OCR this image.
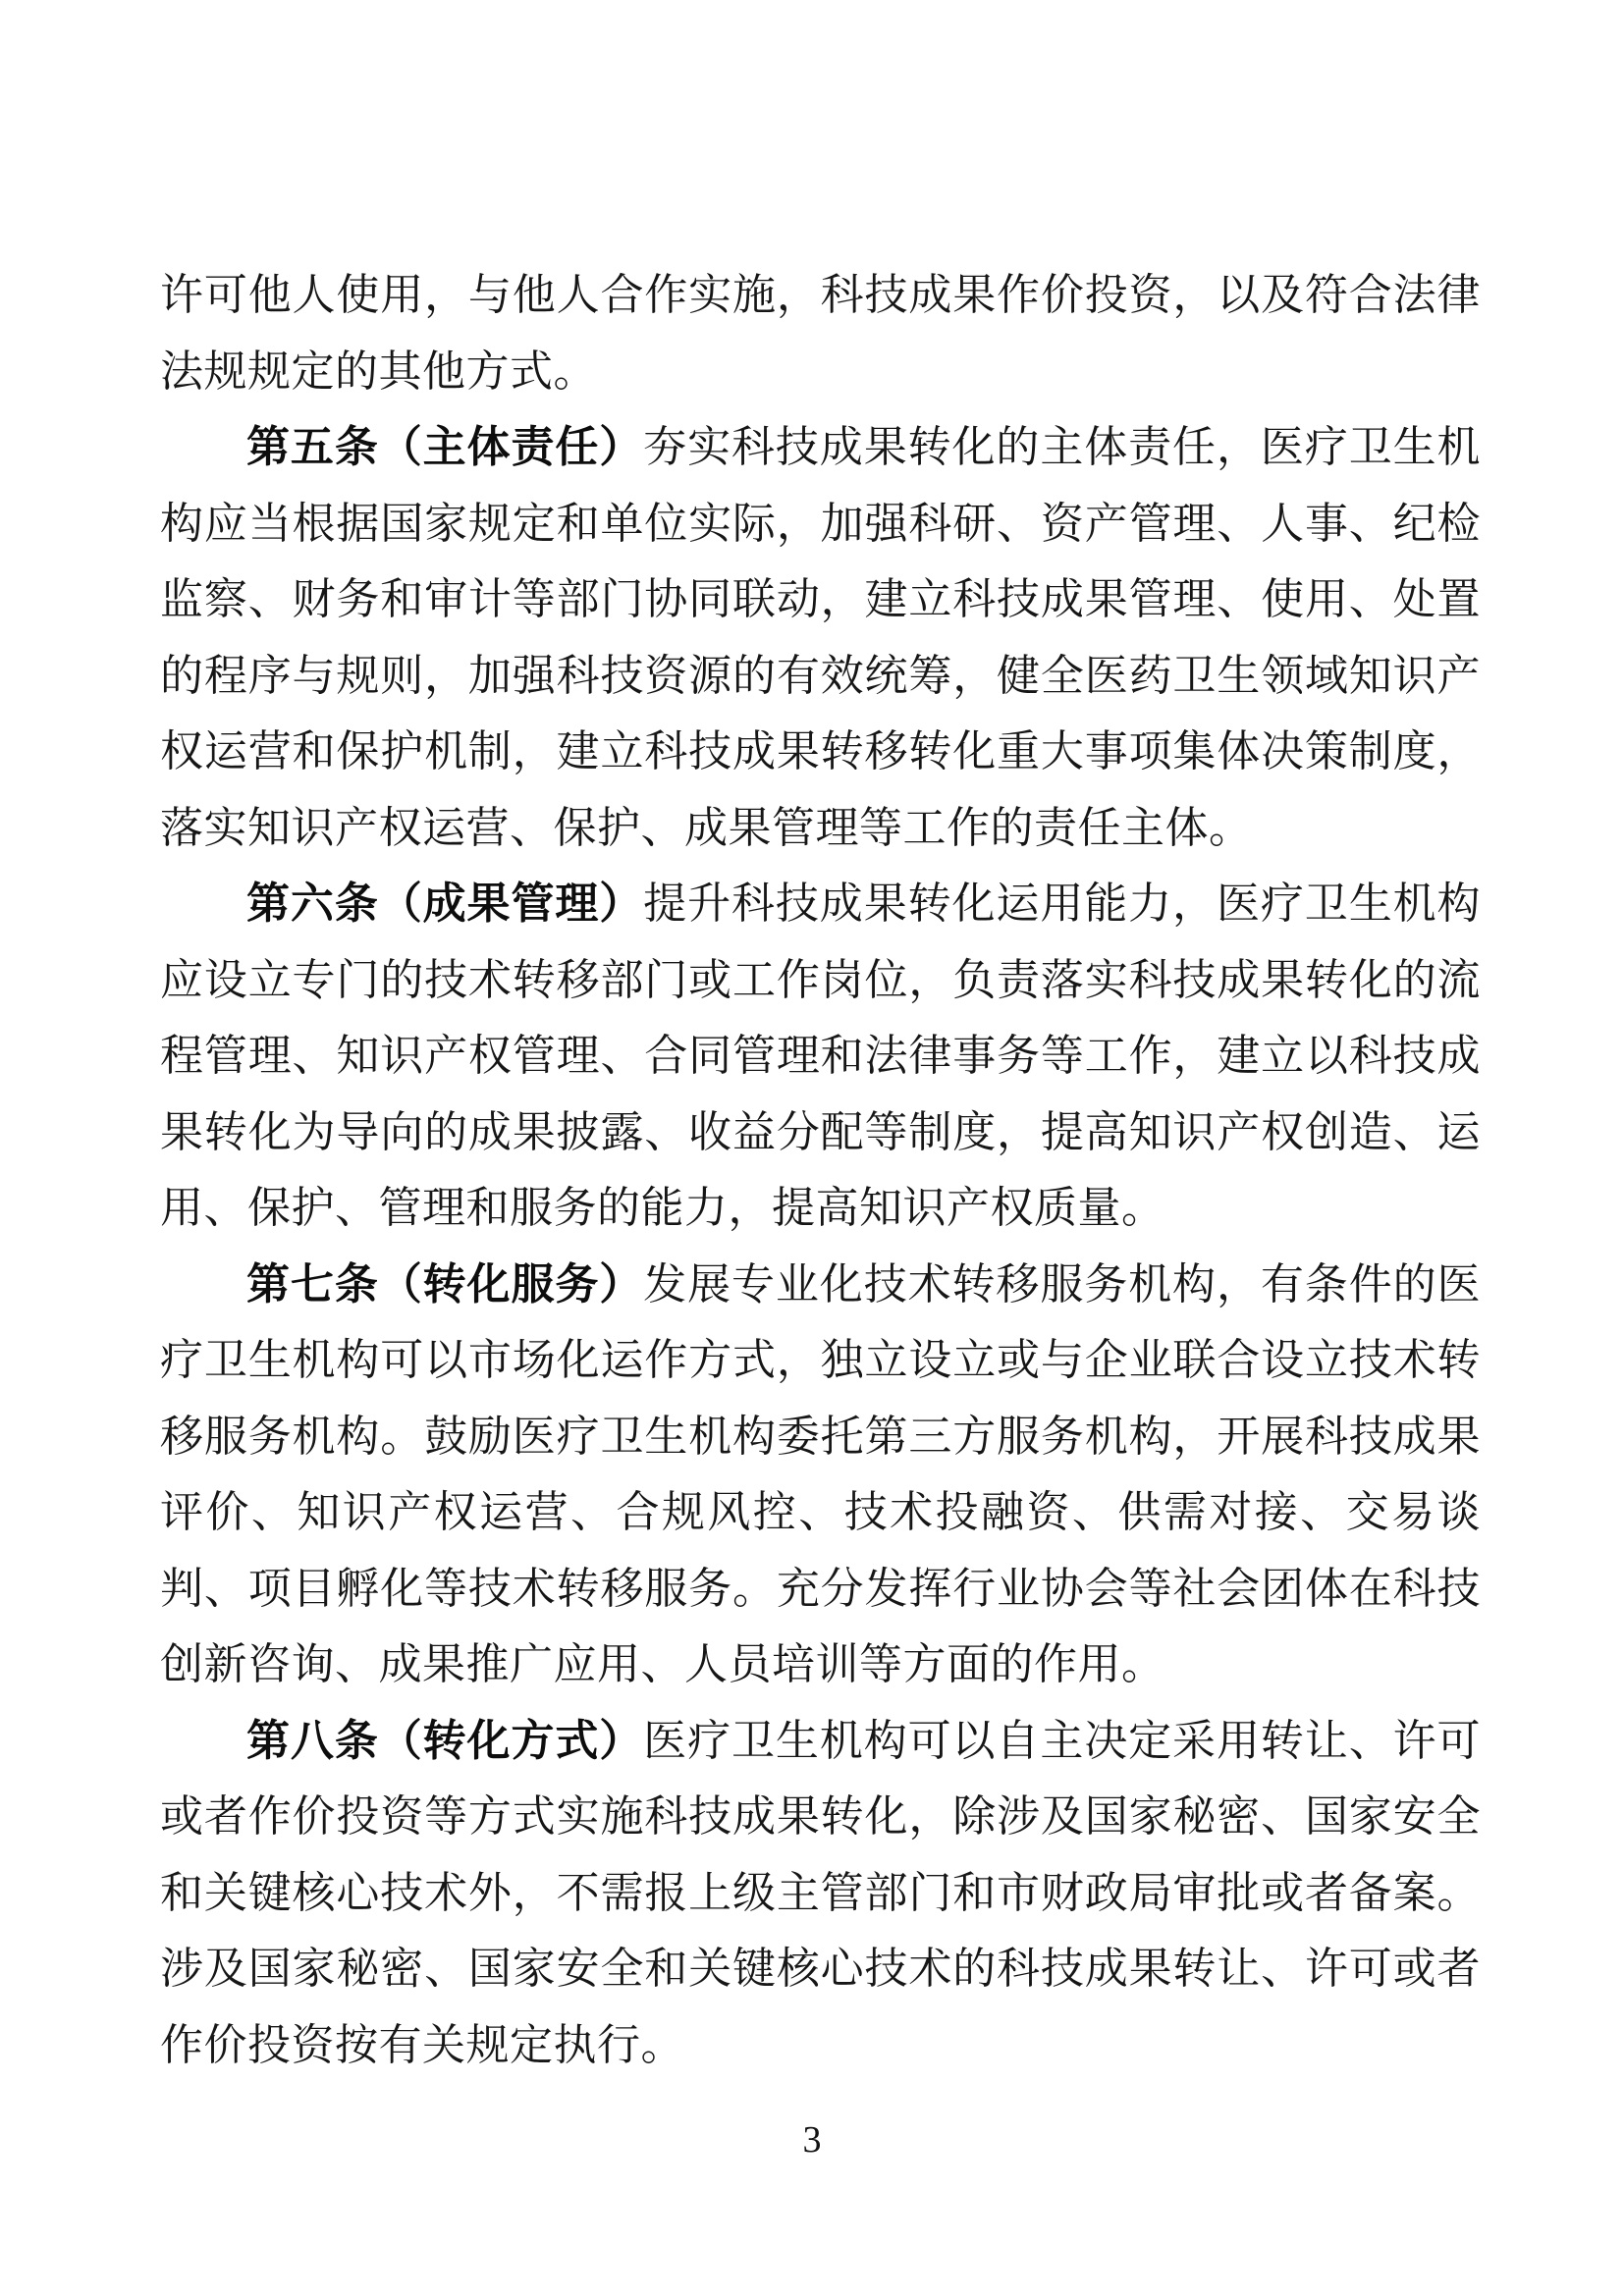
许可他人使用，与他人合作实施，科技成果作价投资，以及符合法律法规规定的其他方式。

第五条（主体责任）夯实科技成果转化的主体责任，医疗卫生机构应当根据国家规定和单位实际，加强科研、资产管理、人事、纪检监察、财务和审计等部门协同联动，建立科技成果管理、使用、处置的程序与规则，加强科技资源的有效统筹，健全医药卫生领域知识产权运营和保护机制，建立科技成果转移转化重大事项集体决策制度，落实知识产权运营、保护、成果管理等工作的责任主体。

第六条（成果管理）提升科技成果转化运用能力，医疗卫生机构应设立专门的技术转移部门或工作岗位，负责落实科技成果转化的流程管理、知识产权管理、合同管理和法律事务等工作，建立以科技成果转化为导向的成果披露、收益分配等制度，提高知识产权创造、运用、保护、管理和服务的能力，提高知识产权质量。

第七条（转化服务）发展专业化技术转移服务机构，有条件的医疗卫生机构可以市场化运作方式，独立设立或与企业联合设立技术转移服务机构。鼓励医疗卫生机构委托第三方服务机构，开展科技成果评价、知识产权运营、合规风控、技术投融资、供需对接、交易谈判、项目孵化等技术转移服务。充分发挥行业协会等社会团体在科技创新咨询、成果推广应用、人员培训等方面的作用。

第八条（转化方式）医疗卫生机构可以自主决定采用转让、许可或者作价投资等方式实施科技成果转化，除涉及国家秘密、国家安全和关键核心技术外，不需报上级主管部门和市财政局审批或者备案。涉及国家秘密、国家安全和关键核心技术的科技成果转让、许可或者作价投资按有关规定执行。

3
